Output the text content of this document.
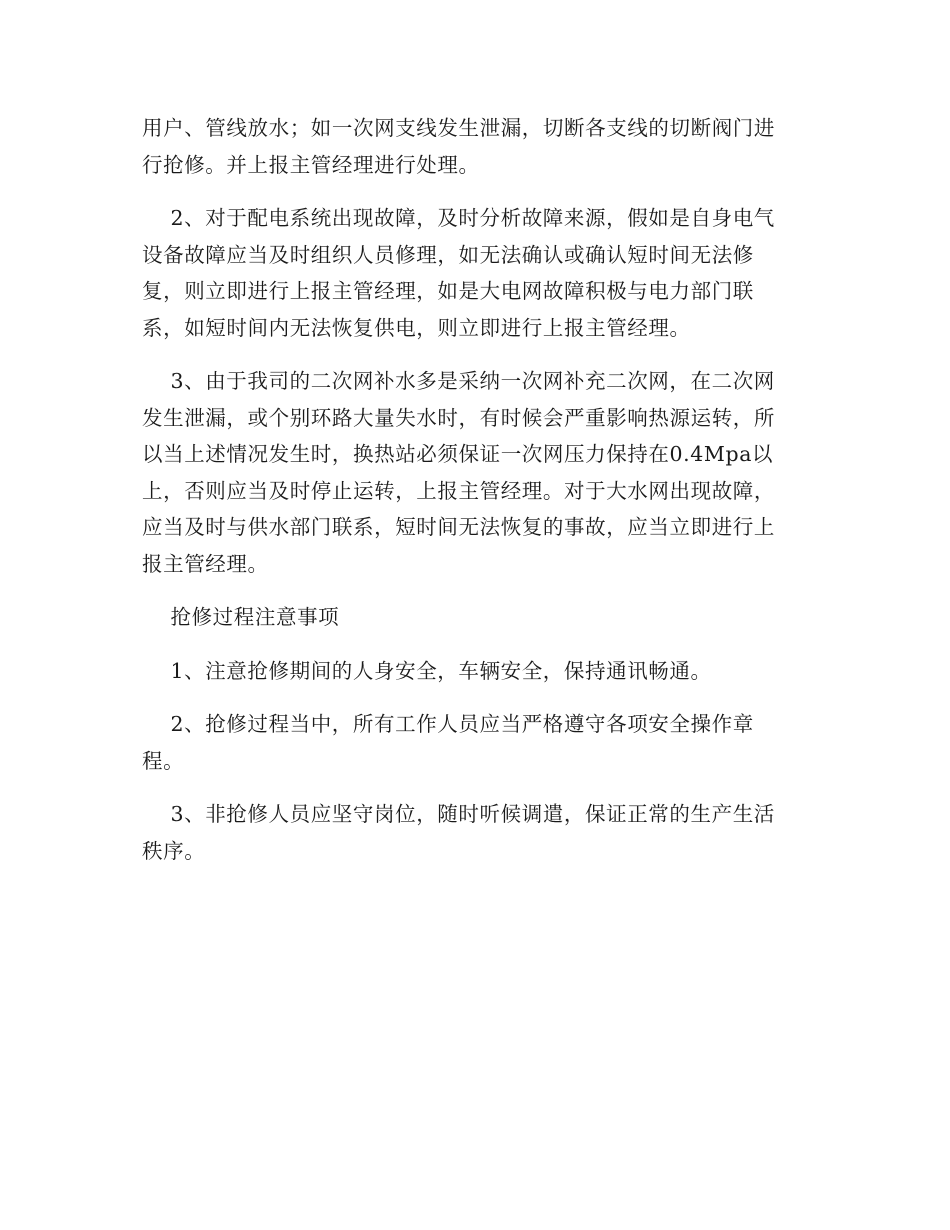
用户、管线放水；如一次网支线发生泄漏，切断各支线的切断阀门进
行抢修。并上报主管经理进行处理。

2、对于配电系统出现故障，及时分析故障来源，假如是自身电气
设备故障应当及时组织人员修理，如无法确认或确认短时间无法修
复，则立即进行上报主管经理，如是大电网故障积极与电力部门联
系，如短时间内无法恢复供电，则立即进行上报主管经理。

3、由于我司的二次网补水多是采纳一次网补充二次网，在二次网
发生泄漏，或个别环路大量失水时，有时候会严重影响热源运转，所
以当上述情况发生时，换热站必须保证一次网压力保持在0.4Mpa以
上，否则应当及时停止运转，上报主管经理。对于大水网出现故障，
应当及时与供水部门联系，短时间无法恢复的事故，应当立即进行上
报主管经理。

抢修过程注意事项

1、注意抢修期间的人身安全，车辆安全，保持通讯畅通。

2、抢修过程当中，所有工作人员应当严格遵守各项安全操作章
程。

3、非抢修人员应坚守岗位，随时听候调遣，保证正常的生产生活
秩序。
